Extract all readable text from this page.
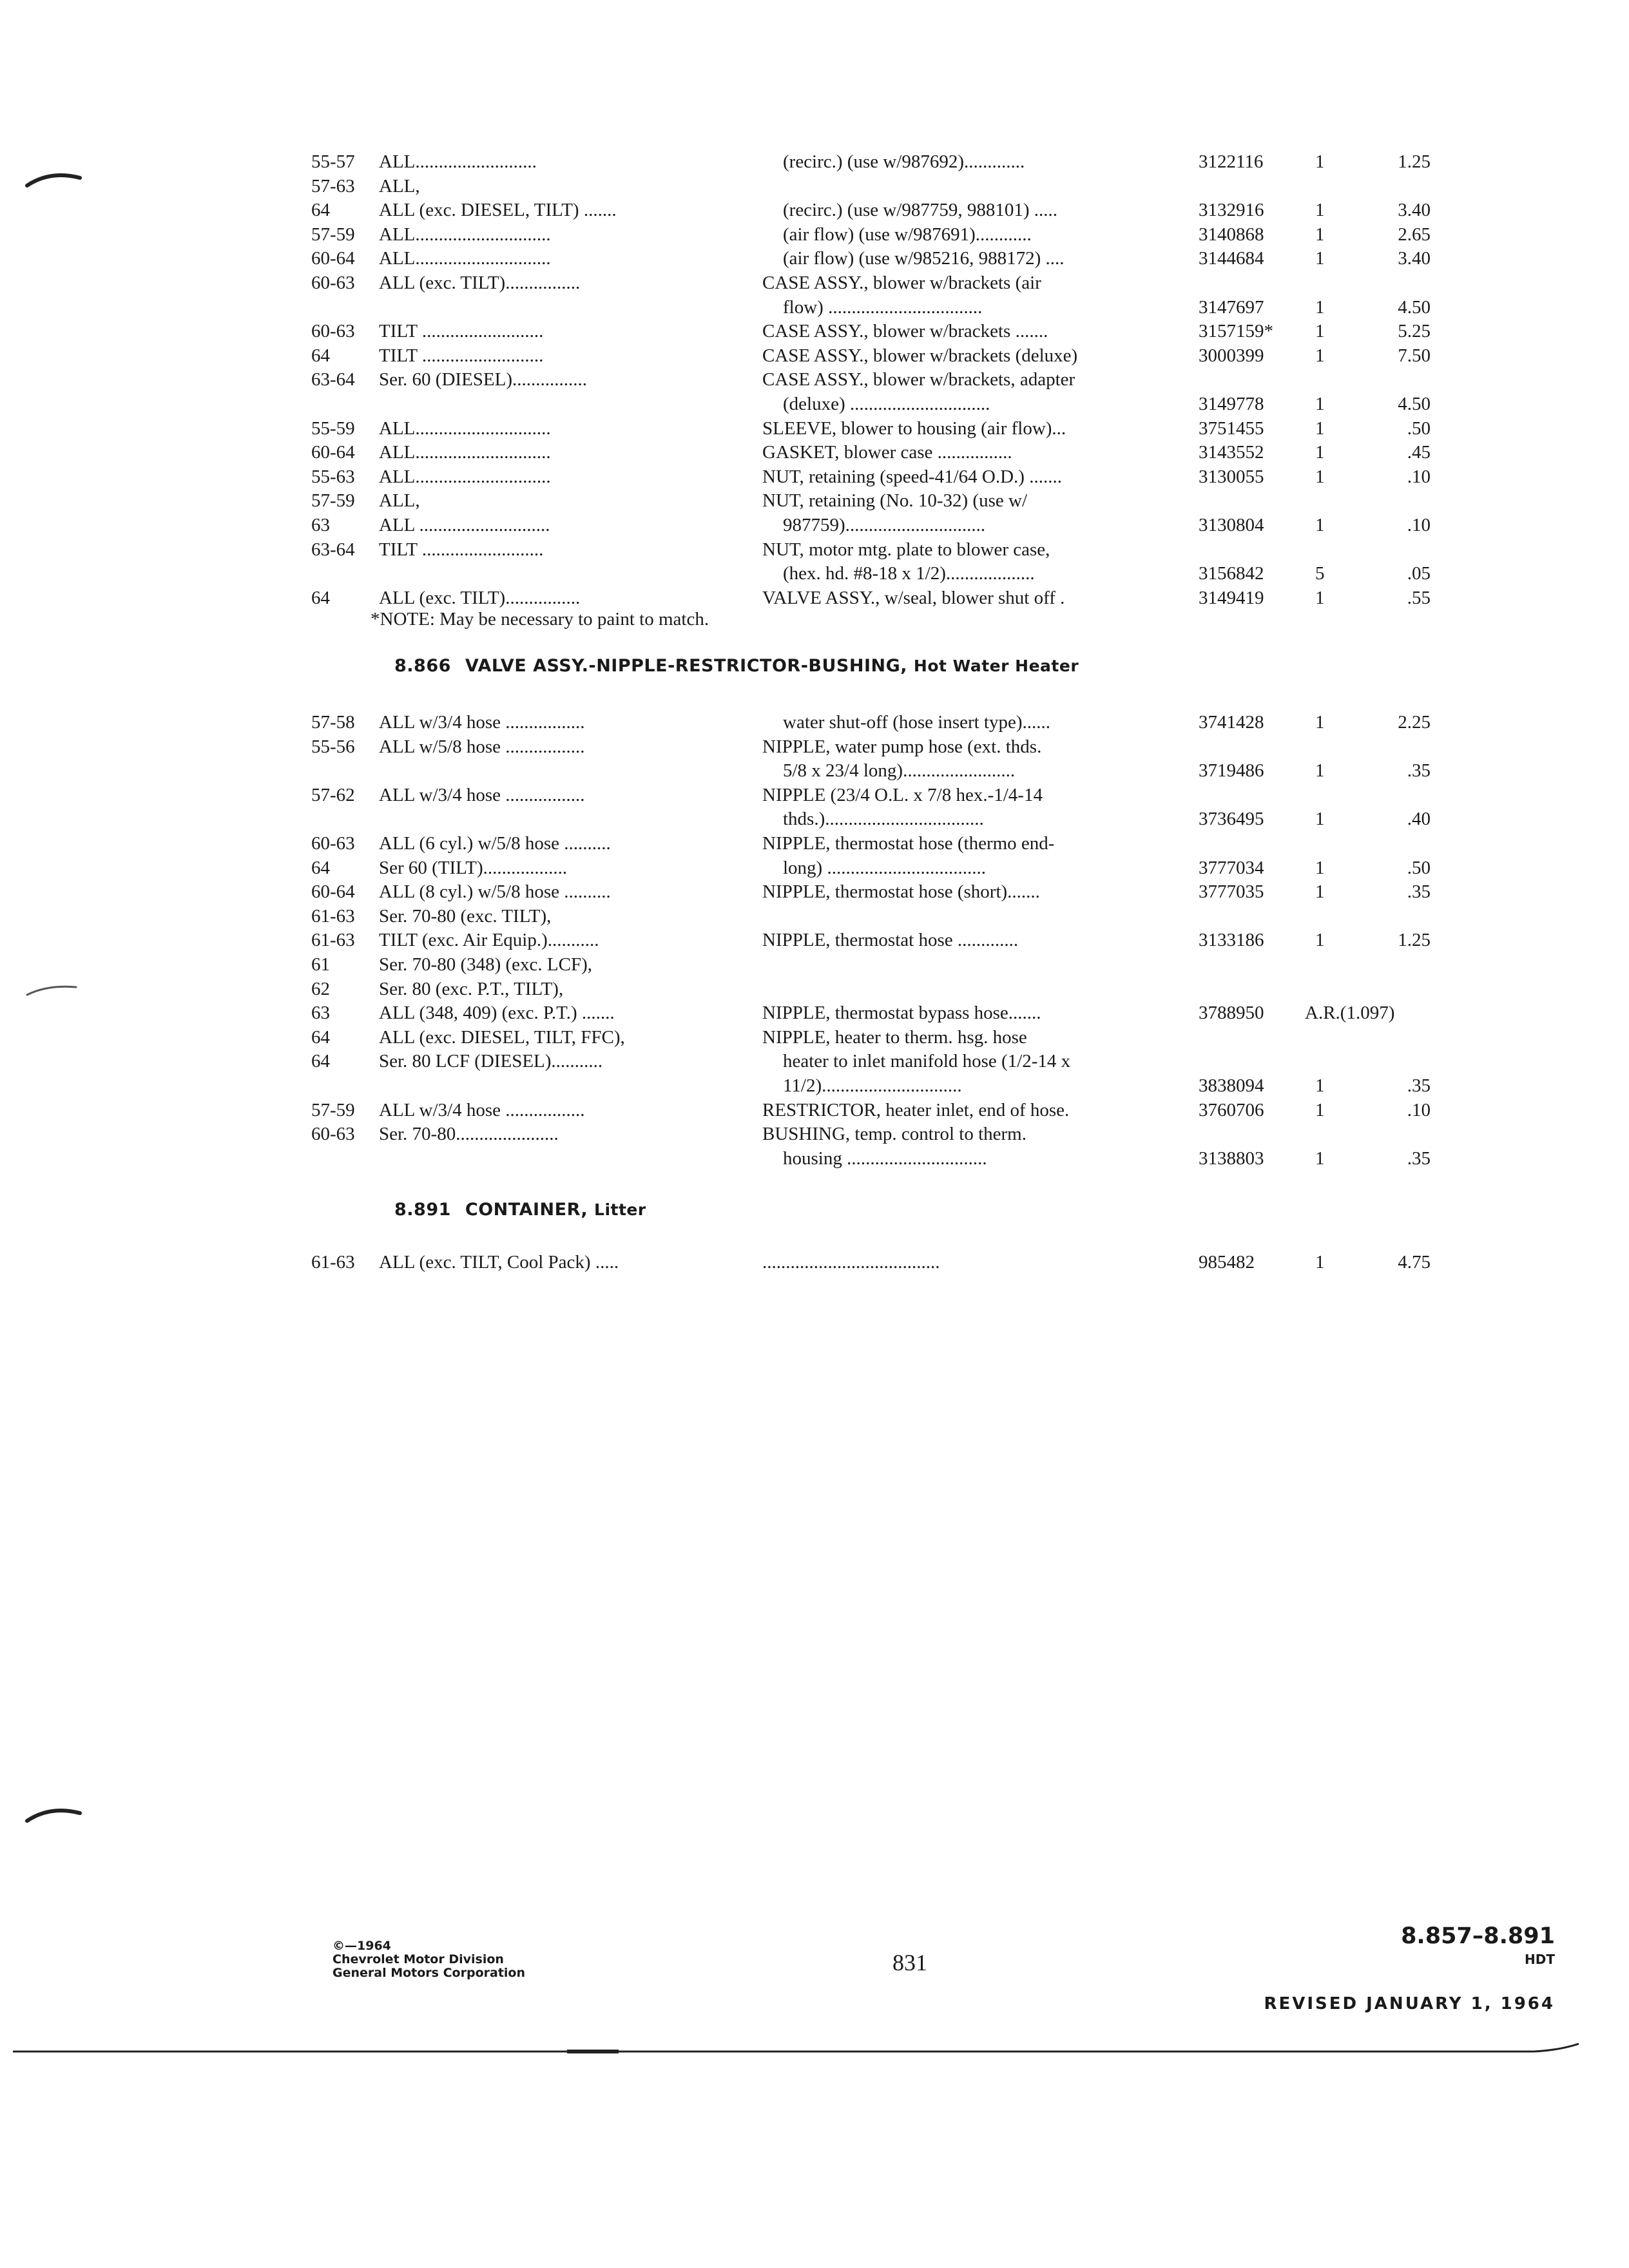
55-57 ALL..........................	(recirc.) (use w/987692).............	3122116	1	1.25
57-63 ALL,
64	ALL (exc. DIESEL, TILT) .......	(recirc.) (use w/987759, 988101) .....	3132916	1	3.40
57-59 ALL.............................	(air flow) (use w/987691)............	3140868	1	2.65
60-64 ALL.............................	(air flow) (use w/985216, 988172) ....	3144684	1	3.40
60-63 ALL (exc. TILT)................	CASE ASSY., blower w/brackets (air
flow) .................................	3147697	1	4.50
60-63 TILT ..........................	CASE ASSY., blower w/brackets .......	3157159* 1	5.25
64	TILT ..........................	CASE ASSY., blower w/brackets (deluxe)	3000399	1	7.50
63-64 Ser. 60 (DIESEL)................	CASE ASSY., blower w/brackets, adapter
(deluxe) ..............................	3149778	1	4.50
55-59 ALL.............................	SLEEVE, blower to housing (air flow)...	3751455	1	.50
60-64 ALL.............................	GASKET, blower case ................	3143552	1	.45
55-63 ALL.............................	NUT, retaining (speed-41/64 O.D.) .......	3130055	1	.10
57-59 ALL,	NUT, retaining (No. 10-32) (use w/
63	ALL ............................	987759)..............................	3130804	1	.10
63-64 TILT ..........................	NUT, motor mtg. plate to blower case,
(hex. hd. #8-18 x 1/2)...................	3156842	5	.05
64	ALL (exc. TILT)................	VALVE ASSY., w/seal, blower shut off .	3149419	1	.55
*NOTE: May be necessary to paint to match.
8.866 VALVE ASSY.-NIPPLE-RESTRICTOR-BUSHING, Hot Water Heater
57-58 ALL w/3/4 hose .................	water shut-off (hose insert type)......	3741428	1	2.25
55-56 ALL w/5/8 hose .................	NIPPLE, water pump hose (ext. thds.
5/8 x 23/4 long)........................	3719486	1	.35
57-62 ALL w/3/4 hose .................	NIPPLE (23/4 O.L. x 7/8 hex.-1/4-14
thds.)..................................	3736495	1	.40
60-63 ALL (6 cyl.) w/5/8 hose ..........	NIPPLE, thermostat hose (thermo end-
64	Ser 60 (TILT)..................	long) ..................................	3777034	1	.50
60-64 ALL (8 cyl.) w/5/8 hose ..........	NIPPLE, thermostat hose (short).......	3777035	1	.35
61-63 Ser. 70-80 (exc. TILT),
61-63 TILT (exc. Air Equip.)...........	NIPPLE, thermostat hose .............	3133186	1	1.25
61	Ser. 70-80 (348) (exc. LCF),
62	Ser. 80 (exc. P.T., TILT),
63	ALL (348, 409) (exc. P.T.) .......	NIPPLE, thermostat bypass hose.......	3788950 A.R.(1.097)
64	ALL (exc. DIESEL, TILT, FFC),	NIPPLE, heater to therm. hsg. hose
64	Ser. 80 LCF (DIESEL)...........	heater to inlet manifold hose (1/2-14 x
11/2)..............................	3838094	1	.35
57-59 ALL w/3/4 hose .................	RESTRICTOR, heater inlet, end of hose.	3760706	1	.10
60-63 Ser. 70-80......................	BUSHING, temp. control to therm.
housing ..............................	3138803	1	.35
8.891 CONTAINER, Litter
61-63 ALL (exc. TILT, Cool Pack) .....	......................................	985482	1	4.75
©—1964
Chevrolet Motor Division
General Motors Corporation	831
8.857–8.891
HDT
REVISED JANUARY 1, 1964
